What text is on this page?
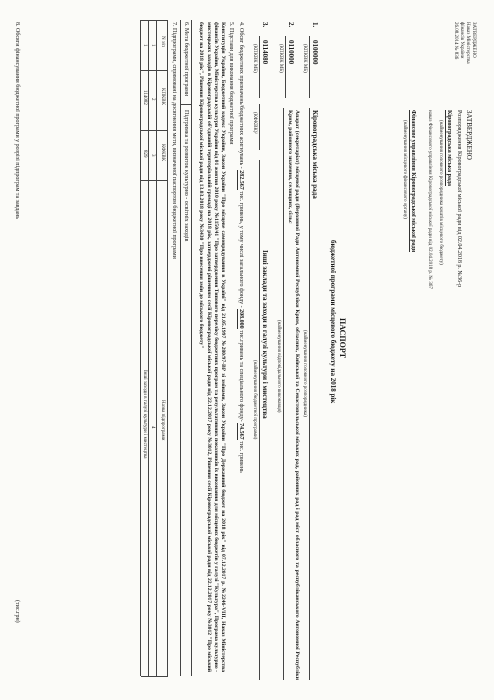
ЗАТВЕРДЖЕНО
Наказ Міністерства
фінансів України
26.08.2014 № 836
ЗАТВЕРДЖЕНО
Розпорядження Кіровоградської міської ради від 02.04.2018 р. №36-р
Кіровоградська міська рада
(найменування головного розпорядника коштів місцевого бюджету)
наказ Фінансового управління Кіровоградської міської ради від 02.04.2018 р. № 367
Фінансове управління Кіровоградської міської ради
(найменування місцевого фінансового органу)
ПАСПОРТ
бюджетної програми місцевого бюджету на 2018 рік
1.
0100000
(КПКВК МБ)
Кіровоградська міська рада
(найменування головного розпорядника)
2.
0110000
(КПКВК МБ)
Апарат (секретаріат) місцевої ради (Верховної Ради Автономної Республіки Крим, обласних, Київської та Севастопольської міських рад, районних рад і рад міст обласного та республіканського Автономної Республіки Крим, районного значення, селищних, сільс
(найменування відповідального виконавця)
3.
0114080
(КПКВК МБ)
(КФКВК)¹
Інші заклади та заходи в галузі культури і мистецтва
(найменування бюджетної програми)
4. Обсяг бюджетних призначень/бюджетних асигнувань - 282.567 тис. гривень, у тому числі загального фонду - 208.000 тис.гривень та спеціального фонду- 74.567 тис. гривень
5. Підстави для виконання бюджетної програми
Конституція України, Бюджетний кодекс України, Закон України "Про місцеве самоврядування в Україні" від 21.05.1997 №280/97-ВР зі змінами, Закон України "Про Державний бюджет на 2018 рік" від 07.12.2017 р. №2246-VIII, Наказ Міністерства фінансів України, Міністерства культури України від 01 жовтня 2010 року №1150/41 "Про затвердження Типового переліку бюджетних програм та результативних показників їх виконання для місцевих бюджетів у галузі "Культура", Програма культурно - мистецьких заходів в Кіровоградській об'єднаній територіальній громаді на 2018 рік, затверджені рішенням сесії Кіровоградської міської ради від 22.12.2017 року №3012, Рішення сесії Кіровоградської міської ради від 22.12.2017 року №3012 "Про міський бюджет на 2018 рік", Рішення Кіровоградської міської ради від 13.03.2018 року №3430 "Про внесення змін до міського бюджету"
6. Мета бюджетної програми
Підтримка та розвиток культурно - освітніх заходів
7. Підпрограми, спрямовані на досягнення мети, визначеної паспортом бюджетної програми
N з/п
КПКВК
КФКВК
Назва підпрограми
1
2
3
4
1
114082
829
Інші заходи в галузі культури і мистецтва
8. Обсяги фінансування бюджетної програми у розрізі підпрограм та завдань
(тис.грн)
